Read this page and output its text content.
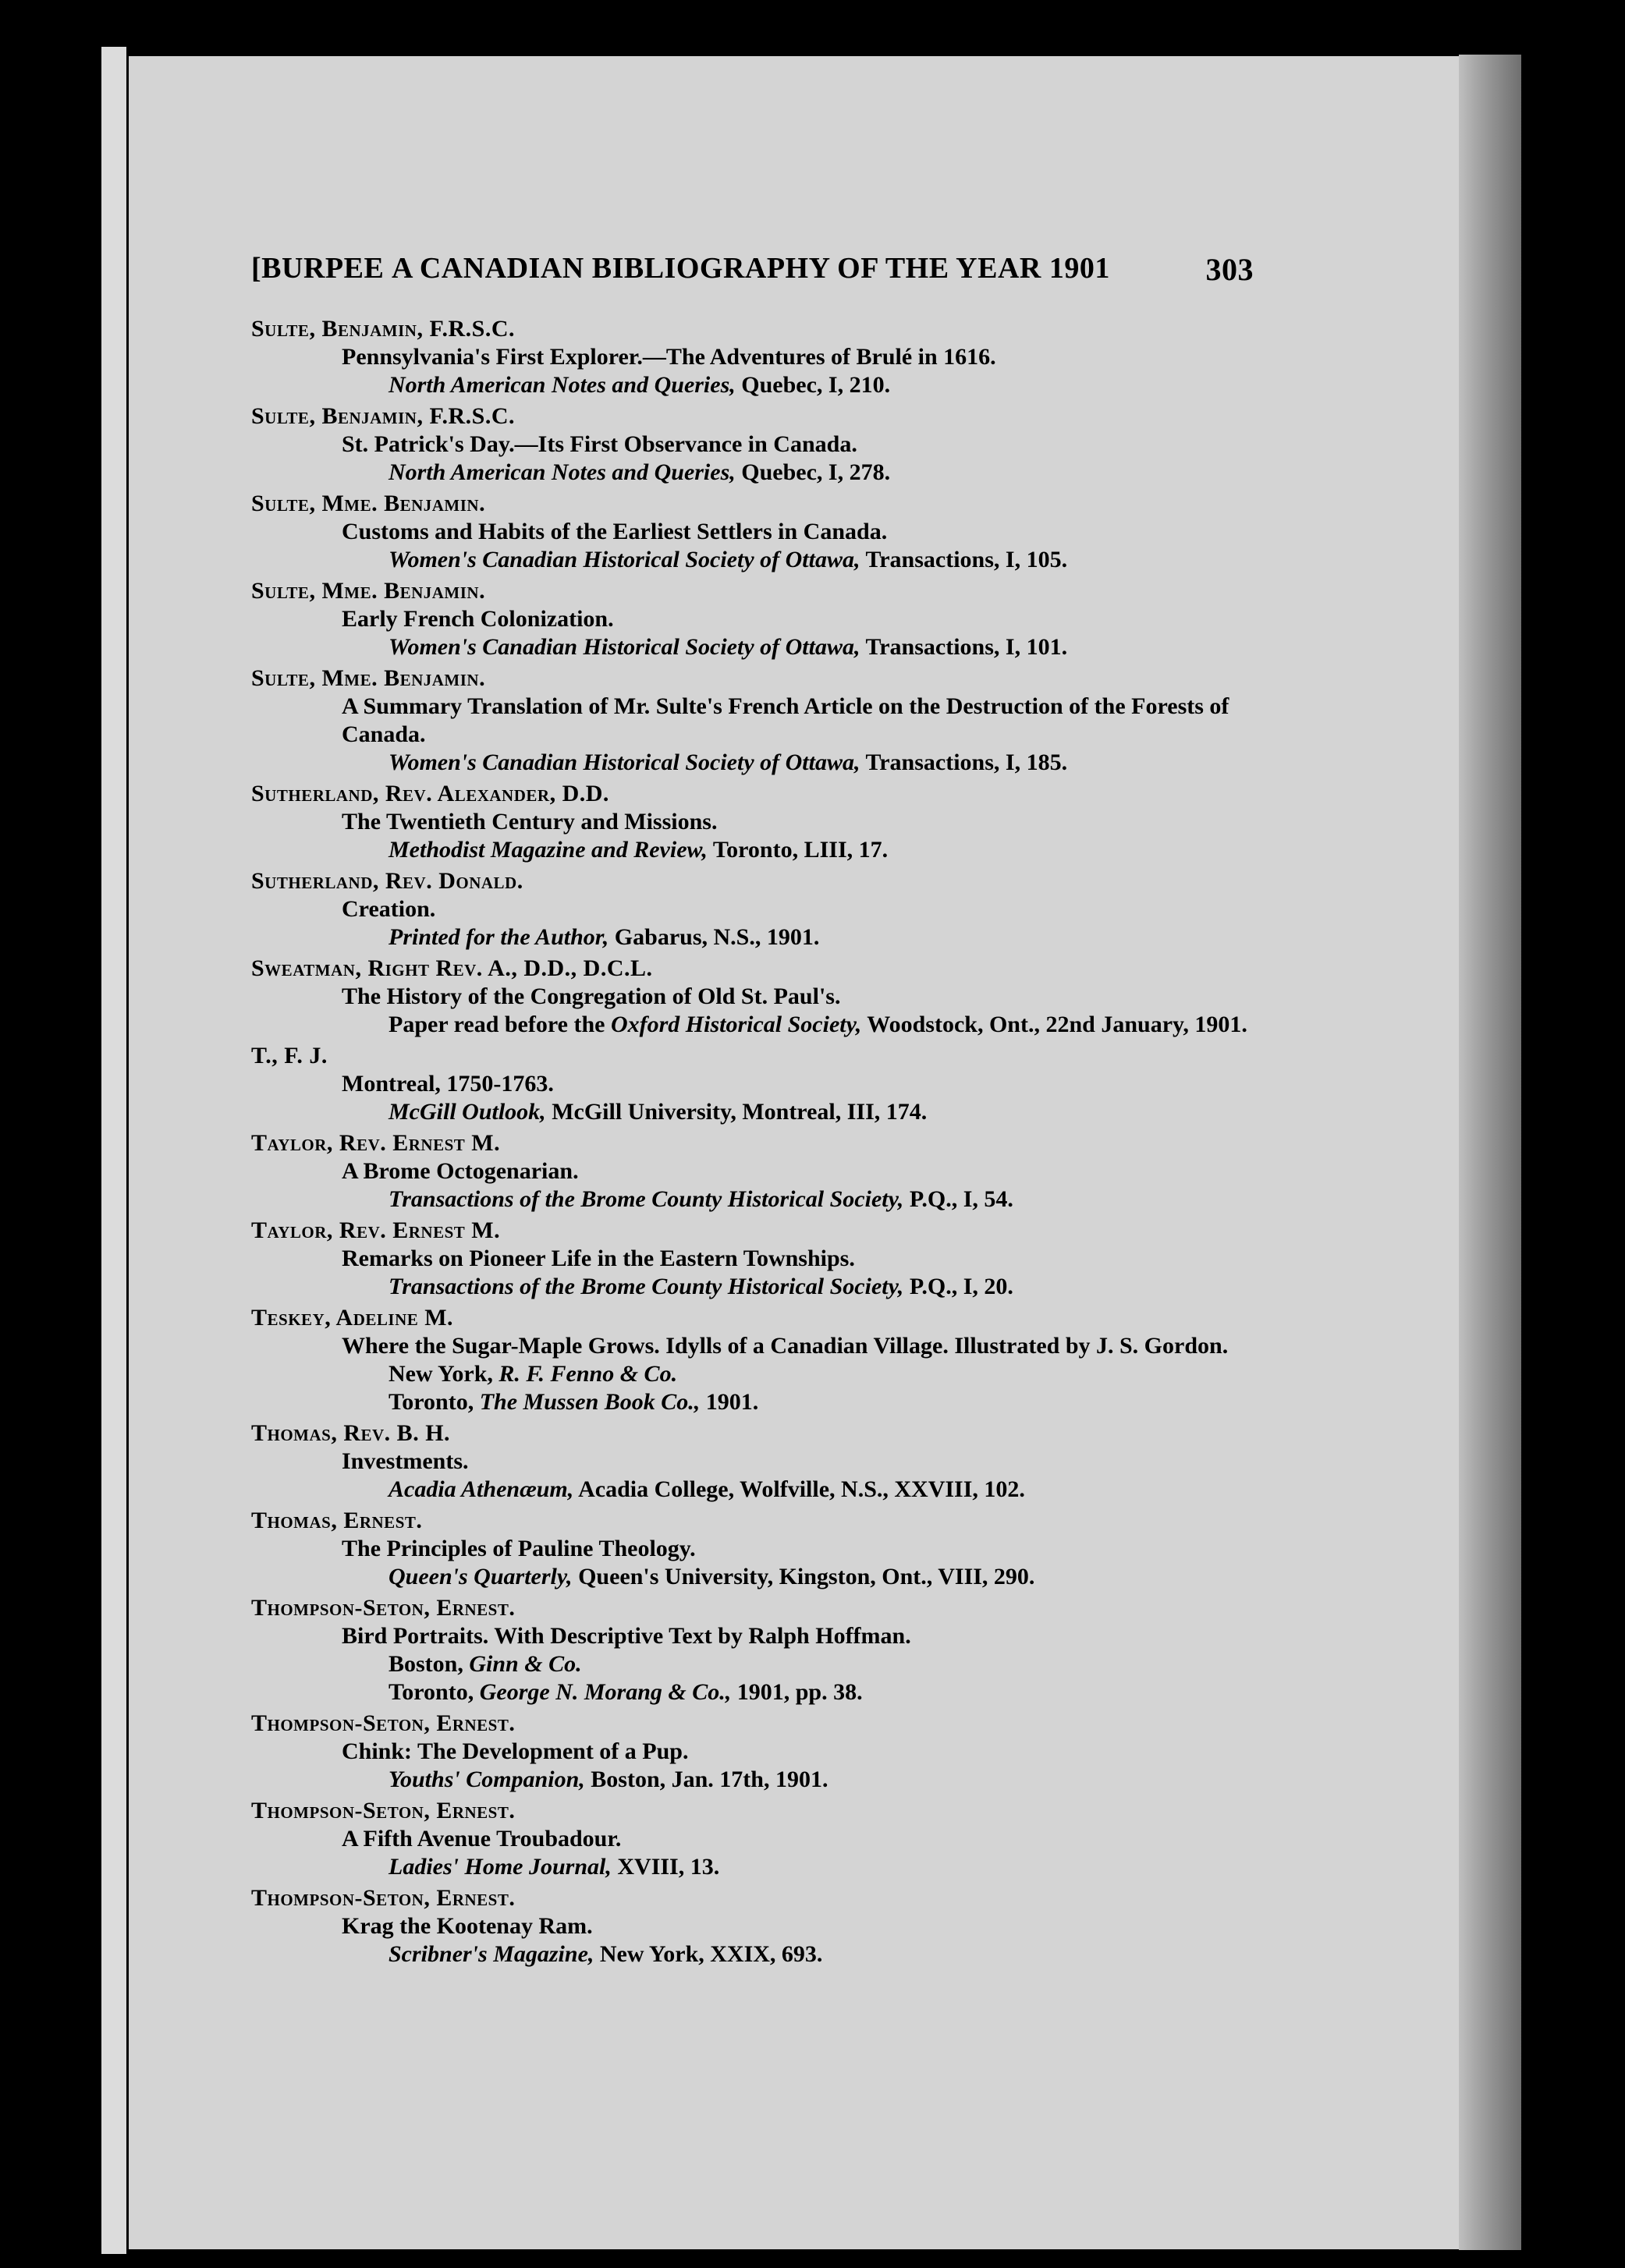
[BURPEE A CANADIAN BIBLIOGRAPHY OF THE YEAR 1901	303
Sulte, Benjamin, F.R.S.C.
Pennsylvania's First Explorer.—The Adventures of Brulé in 1616.
North American Notes and Queries, Quebec, I, 210.
Sulte, Benjamin, F.R.S.C.
St. Patrick's Day.—Its First Observance in Canada.
North American Notes and Queries, Quebec, I, 278.
Sulte, Mme. Benjamin.
Customs and Habits of the Earliest Settlers in Canada.
Women's Canadian Historical Society of Ottawa, Transactions, I, 105.
Sulte, Mme. Benjamin.
Early French Colonization.
Women's Canadian Historical Society of Ottawa, Transactions, I, 101.
Sulte, Mme. Benjamin.
A Summary Translation of Mr. Sulte's French Article on the Destruction of the Forests of Canada.
Women's Canadian Historical Society of Ottawa, Transactions, I, 185.
Sutherland, Rev. Alexander, D.D.
The Twentieth Century and Missions.
Methodist Magazine and Review, Toronto, LIII, 17.
Sutherland, Rev. Donald.
Creation.
Printed for the Author, Gabarus, N.S., 1901.
Sweatman, Right Rev. A., D.D., D.C.L.
The History of the Congregation of Old St. Paul's.
Paper read before the Oxford Historical Society, Woodstock, Ont., 22nd January, 1901.
T., F. J.
Montreal, 1750-1763.
McGill Outlook, McGill University, Montreal, III, 174.
Taylor, Rev. Ernest M.
A Brome Octogenarian.
Transactions of the Brome County Historical Society, P.Q., I, 54.
Taylor, Rev. Ernest M.
Remarks on Pioneer Life in the Eastern Townships.
Transactions of the Brome County Historical Society, P.Q., I, 20.
Teskey, Adeline M.
Where the Sugar-Maple Grows. Idylls of a Canadian Village. Illustrated by J. S. Gordon.
New York, R. F. Fenno & Co.
Toronto, The Mussen Book Co., 1901.
Thomas, Rev. B. H.
Investments.
Acadia Athenæum, Acadia College, Wolfville, N.S., XXVIII, 102.
Thomas, Ernest.
The Principles of Pauline Theology.
Queen's Quarterly, Queen's University, Kingston, Ont., VIII, 290.
Thompson-Seton, Ernest.
Bird Portraits. With Descriptive Text by Ralph Hoffman.
Boston, Ginn & Co.
Toronto, George N. Morang & Co., 1901, pp. 38.
Thompson-Seton, Ernest.
Chink: The Development of a Pup.
Youths' Companion, Boston, Jan. 17th, 1901.
Thompson-Seton, Ernest.
A Fifth Avenue Troubadour.
Ladies' Home Journal, XVIII, 13.
Thompson-Seton, Ernest.
Krag the Kootenay Ram.
Scribner's Magazine, New York, XXIX, 693.
